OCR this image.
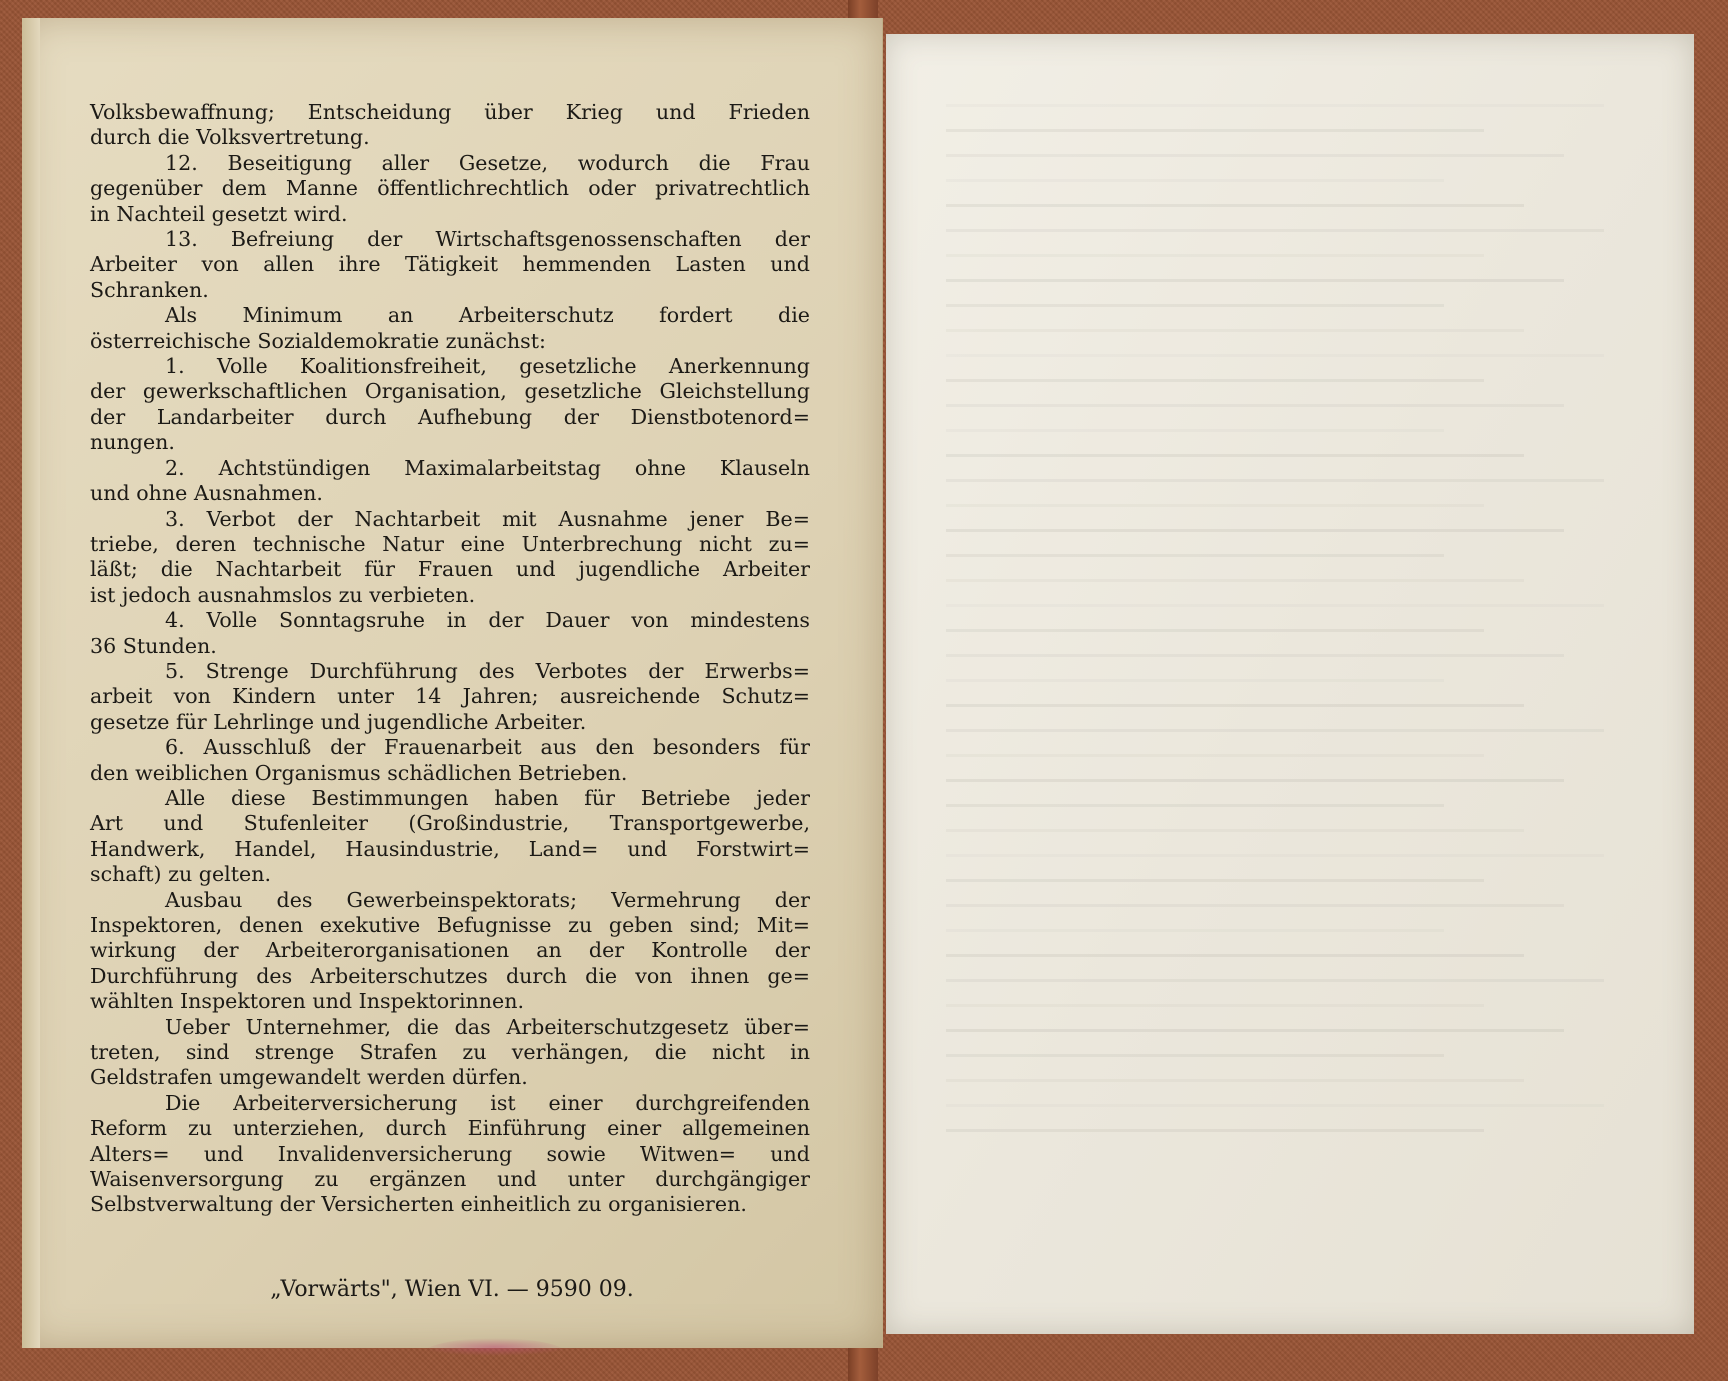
Volksbewaffnung; Entscheidung über Krieg und Frieden
durch die Volksvertretung.
12. Beseitigung aller Gesetze, wodurch die Frau
gegenüber dem Manne öffentlichrechtlich oder privatrechtlich
in Nachteil gesetzt wird.
13. Befreiung der Wirtschaftsgenossenschaften der
Arbeiter von allen ihre Tätigkeit hemmenden Lasten und
Schranken.
Als Minimum an Arbeiterschutz fordert die
österreichische Sozialdemokratie zunächst:
1. Volle Koalitionsfreiheit, gesetzliche Anerkennung
der gewerkschaftlichen Organisation, gesetzliche Gleichstellung
der Landarbeiter durch Aufhebung der Dienstbotenord=
nungen.
2. Achtstündigen Maximalarbeitstag ohne Klauseln
und ohne Ausnahmen.
3. Verbot der Nachtarbeit mit Ausnahme jener Be=
triebe, deren technische Natur eine Unterbrechung nicht zu=
läßt; die Nachtarbeit für Frauen und jugendliche Arbeiter
ist jedoch ausnahmslos zu verbieten.
4. Volle Sonntagsruhe in der Dauer von mindestens
36 Stunden.
5. Strenge Durchführung des Verbotes der Erwerbs=
arbeit von Kindern unter 14 Jahren; ausreichende Schutz=
gesetze für Lehrlinge und jugendliche Arbeiter.
6. Ausschluß der Frauenarbeit aus den besonders für
den weiblichen Organismus schädlichen Betrieben.
Alle diese Bestimmungen haben für Betriebe jeder
Art und Stufenleiter (Großindustrie, Transportgewerbe,
Handwerk, Handel, Hausindustrie, Land= und Forstwirt=
schaft) zu gelten.
Ausbau des Gewerbeinspektorats; Vermehrung der
Inspektoren, denen exekutive Befugnisse zu geben sind; Mit=
wirkung der Arbeiterorganisationen an der Kontrolle der
Durchführung des Arbeiterschutzes durch die von ihnen ge=
wählten Inspektoren und Inspektorinnen.
Ueber Unternehmer, die das Arbeiterschutzgesetz über=
treten, sind strenge Strafen zu verhängen, die nicht in
Geldstrafen umgewandelt werden dürfen.
Die Arbeiterversicherung ist einer durchgreifenden
Reform zu unterziehen, durch Einführung einer allgemeinen
Alters= und Invalidenversicherung sowie Witwen= und
Waisenversorgung zu ergänzen und unter durchgängiger
Selbstverwaltung der Versicherten einheitlich zu organisieren.
„Vorwärts", Wien VI. — 9590 09.
